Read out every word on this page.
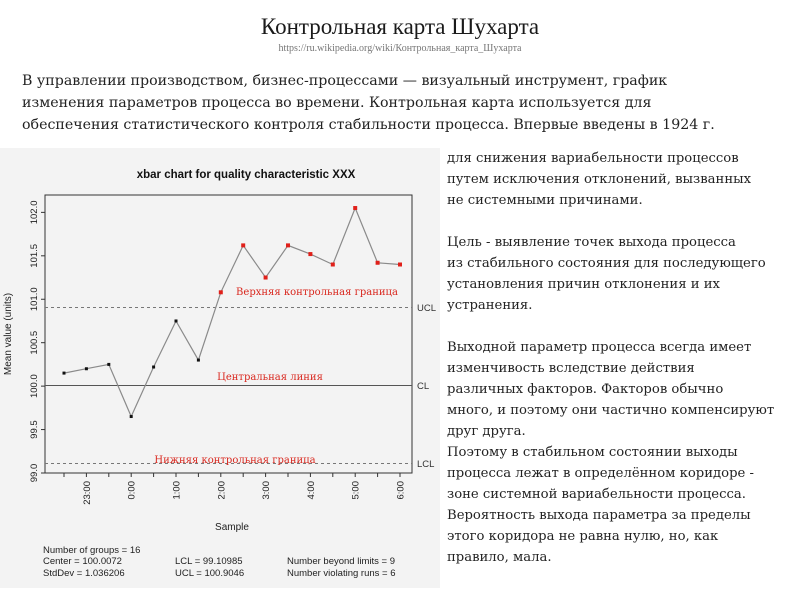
Контрольная карта Шухарта
https://ru.wikipedia.org/wiki/Контрольная_карта_Шухарта
В управлении производством, бизнес-процессами — визуальный инструмент, график
изменения параметров процесса во времени. Контрольная карта используется для
обеспечения статистического контроля стабильности процесса. Впервые введены в 1924 г.
xbar chart for quality characteristic XXX
UCL
CL
LCL
99.0
99.5
100.0
100.5
101.0
101.5
102.0
23:00	0:00	1:00	2:00	3:00	4:00	5:00	6:00
Mean value (units)
Sample
Верхняя контрольная граница
Центральная линия
Нижняя контрольная граница
Number of groups = 16
Center = 100.0072
StdDev = 1.036206
LCL = 99.10985
UCL = 100.9046
Number beyond limits = 9
Number violating runs = 6

для снижения вариабельности процессов
путем исключения отклонений, вызванных
не системными причинами.

Цель - выявление точек выхода процесса
из стабильного состояния для последующего
установления причин отклонения и их
устранения.

Выходной параметр процесса всегда имеет
изменчивость вследствие действия
различных факторов. Факторов обычно
много, и поэтому они частично компенсируют
друг друга.

Поэтому в стабильном состоянии выходы
процесса лежат в определённом коридоре -
зоне системной вариабельности процесса.
Вероятность выхода параметра за пределы
этого коридора не равна нулю, но, как
правило, мала.
